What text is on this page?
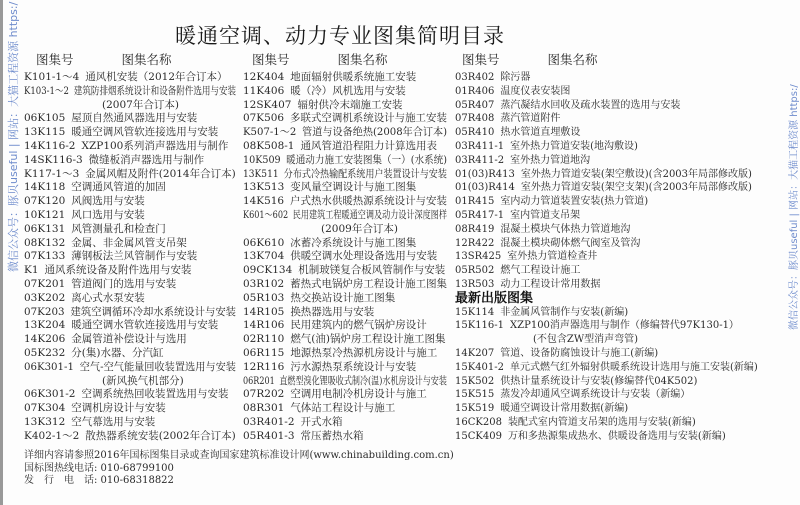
微信公众号：豚贝useful | 网站：大猫工程资源 https:/	微信公众号：豚贝useful | 网站：大猫工程资源 https:/
暖通空调、动力专业图集简明目录
图集号	图集名称	图集号	图集名称	图集号	图集名称
K101-1～4 通风机安装（2012年合订本）
K103-1～2 建筑防排烟系统设计和设备附件选用与安装
(2007年合订本)
06K105 屋顶自然通风器选用与安装
13K115 暖通空调风管软连接选用与安装
14K116-2 XZP100系列消声器选用与制作
14SK116-3 微缝板消声器选用与制作
K117-1～3 金属风帽及附件(2014年合订本)
14K118 空调通风管道的加固
07K120 风阀选用与安装
10K121 风口选用与安装
06K131 风管测量孔和检查门
08K132 金属、非金属风管支吊架
07K133 薄钢板法兰风管制作与安装
K1 通风系统设备及附件选用与安装
07K201 管道阀门的选用与安装
03K202 离心式水泵安装
07K203 建筑空调循环冷却水系统设计与安装
13K204 暖通空调水管软连接选用与安装
14K206 金属管道补偿设计与选用
05K232 分(集)水器、分汽缸
06K301-1 空气-空气能量回收装置选用与安装
(新风换气机部分)
06K301-2 空调系统热回收装置选用与安装
07K304 空调机房设计与安装
13K312 空气幕选用与安装
K402-1～2 散热器系统安装(2002年合订本)
12K404 地面辐射供暖系统施工安装
11K406 暖（冷）风机选用与安装
12SK407 辐射供冷末端施工安装
07K506 多联式空调机系统设计与施工安装
K507-1～2 管道与设备绝热(2008年合订本)
08K508-1 通风管道沿程阻力计算选用表
10K509 暖通动力施工安装图集（一）(水系统)
13K511 分布式冷热输配系统用户装置设计与安装
13K513 变风量空调设计与施工图集
14K516 户式热水供暖热源系统设计与安装
K601～602 民用建筑工程暖通空调及动力设计深度图样
(2009年合订本)
06K610 冰蓄冷系统设计与施工图集
13K704 供暖空调水处理设备选用与安装
09CK134 机制玻镁复合板风管制作与安装
03R102 蓄热式电锅炉房工程设计施工图集
05R103 热交换站设计施工图集
14R105 换热器选用与安装
14R106 民用建筑内的燃气锅炉房设计
02R110 燃气(油)锅炉房工程设计施工图集
06R115 地源热泵冷热源机房设计与施工
12R116 污水源热泵系统设计与安装
06R201 直燃型溴化锂吸收式制冷(温)水机房设计与安装
07R202 空调用电制冷机房设计与施工
08R301 气体站工程设计与施工
03R401-2 开式水箱
05R401-3 常压蓄热水箱
03R402 除污器
01R406 温度仪表安装图
05R407 蒸汽凝结水回收及疏水装置的选用与安装
07R408 蒸汽管道附件
05R410 热水管道直埋敷设
03R411-1 室外热力管道安装(地沟敷设)
03R411-2 室外热力管道地沟
01(03)R413 室外热力管道安装(架空敷设)(含2003年局部修改版)
01(03)R414 室外热力管道安装(架空支架)(含2003年局部修改版)
01R415 室内动力管道装置安装(热力管道)
05R417-1 室内管道支吊架
08R419 混凝土模块气体热力管道地沟
12R422 混凝土模块砌体燃气阀室及管沟
13SR425 室外热力管道检查井
05R502 燃气工程设计施工
13R503 动力工程设计常用数据
最新出版图集
15K114 非金属风管制作与安装(新编)
15K116-1 XZP100消声器选用与制作（修编替代97K130-1）
(不包含ZW型消声弯管)
14K207 管道、设备防腐蚀设计与施工(新编)
15K401-2 单元式燃气红外辐射供暖系统设计选用与施工安装(新编)
15K502 供热计量系统设计与安装(修编替代04K502)
15K515 蒸发冷却通风空调系统设计与安装（新编）
15K519 暖通空调设计常用数据(新编)
16CK208 装配式室内管道支吊架的选用与安装(新编)
15CK409 万和多热源集成热水、供暖设备选用与安装(新编)
详细内容请参照2016年国标图集目录或查询国家建筑标准设计网(www.chinabuilding.com.cn)
国标图热线电话: 010-68799100
发　行　电　话: 010-68318822
